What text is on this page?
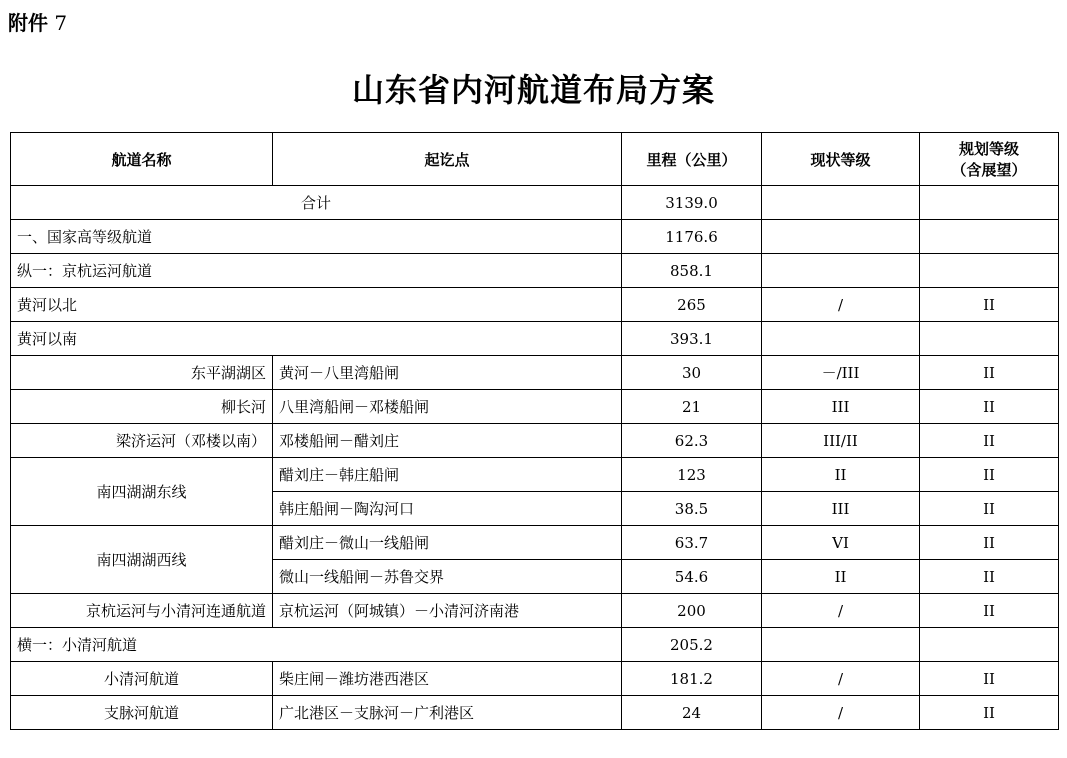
附件 7
山东省内河航道布局方案
航道名称	起讫点	里程（公里）	现状等级	规划等级
（含展望）

合计		3139.0		
一、国家高等级航道		1176.6		
纵一：京杭运河航道		858.1		
黄河以北		265	/	II
黄河以南		393.1		
东平湖湖区	黄河－八里湾船闸	30	－/III	II
柳长河	八里湾船闸－邓楼船闸	21	III	II
梁济运河（邓楼以南）	邓楼船闸－醋刘庄	62.3	III/II	II
南四湖湖东线	醋刘庄－韩庄船闸	123	II	II
	韩庄船闸－陶沟河口	38.5	III	II
南四湖湖西线	醋刘庄－微山一线船闸	63.7	VI	II
	微山一线船闸－苏鲁交界	54.6	II	II
京杭运河与小清河连通航道	京杭运河（阿城镇）－小清河济南港	200	/	II
横一：小清河航道		205.2		
小清河航道	柴庄闸－潍坊港西港区	181.2	/	II
支脉河航道	广北港区－支脉河－广利港区	24	/	II
